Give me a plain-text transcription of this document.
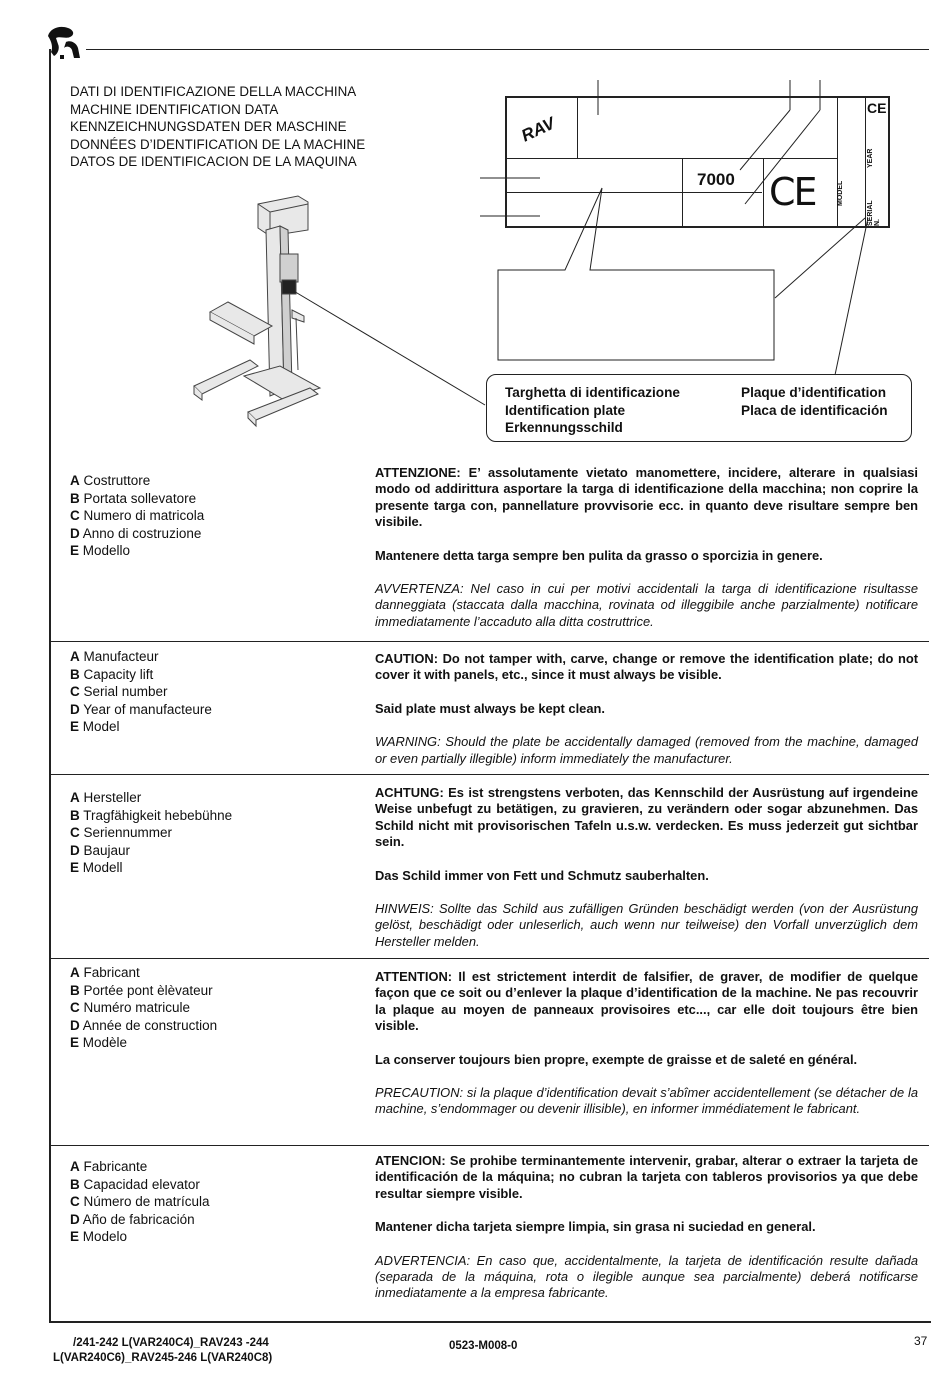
DATI DI IDENTIFICAZIONE DELLA MACCHINA
MACHINE IDENTIFICATION DATA
KENNZEICHNUNGSDATEN DER MASCHINE
DONNÉES D’IDENTIFICATION DE LA MACHINE
DATOS DE IDENTIFICACION DE LA MAQUINA
RAV
7000 CE	MODEL
SERIAL N.
YEAR
CE
Targhetta di identificazione
Identification plate
Erkennungsschild
Plaque d’identification
Placa de identificación
A Costruttore
B Portata sollevatore
C Numero di matricola
D Anno di costruzione
E Modello

ATTENZIONE: E’ assolutamente vietato manomettere, incidere, alterare in qualsiasi modo od addirittura asportare la targa di identificazione della macchina; non coprire la presente targa con, pannellature provvisorie ecc. in quanto deve risultare sempre ben visibile.

Mantenere detta targa sempre ben pulita da grasso o sporcizia in genere.

AVVERTENZA: Nel caso in cui per motivi accidentali la targa di identificazione risultasse danneggiata (staccata dalla macchina, rovinata od illeggibile anche parzialmente) notificare immediatamente l’accaduto alla ditta costruttrice.

A Manufacteur
B Capacity lift
C Serial number
D Year of manufacteure
E Model

CAUTION: Do not tamper with, carve, change or remove the identification plate; do not cover it with panels, etc., since it must always be visible.

Said plate must always be kept clean.

WARNING: Should the plate be accidentally damaged (removed from the machine, damaged or even partially illegible) inform immediately the manufacturer.

A Hersteller
B Tragfähigkeit hebebühne
C Seriennummer
D Baujaur
E Modell

ACHTUNG: Es ist strengstens verboten, das Kennschild der Ausrüstung auf irgendeine Weise unbefugt zu betätigen, zu gravieren, zu verändern oder sogar abzunehmen. Das Schild nicht mit provisorischen Tafeln u.s.w. verdecken. Es muss jederzeit gut sichtbar sein.

Das Schild immer von Fett und Schmutz sauberhalten.

HINWEIS: Sollte das Schild aus zufälligen Gründen beschädigt werden (von der Ausrüstung gelöst, beschädigt oder unleserlich, auch wenn nur teilweise) den Vorfall unverzüglich dem Hersteller melden.

A Fabricant
B Portée pont èlèvateur
C Numéro matricule
D Année de construction
E Modèle

ATTENTION: Il est strictement interdit de falsifier, de graver, de modifier de quelque façon que ce soit ou d’enlever la plaque d’identification de la machine. Ne pas recouvrir la plaque au moyen de panneaux provisoires etc..., car elle doit toujours être bien visible.

La conserver toujours bien propre, exempte de graisse et de saleté en général.

PRECAUTION: si la plaque d’identification devait s’abîmer accidentellement (se détacher de la machine, s’endommager ou devenir illisible), en informer immédiatement le fabricant.

A Fabricante
B Capacidad elevator
C Número de matrícula
D Año de fabricación
E Modelo

ATENCION: Se prohibe terminantemente intervenir, grabar, alterar o extraer la tarjeta de identificación de la máquina; no cubran la tarjeta con tableros provisorios ya que debe resultar siempre visible.

Mantener dicha tarjeta siempre limpia, sin grasa ni suciedad en general.

ADVERTENCIA: En caso que, accidentalmente, la tarjeta de identificación resulte dañada (separada de la máquina, rota o ilegible aunque sea parcialmente) deberá notificarse inmediatamente a la empresa fabricante.

/241-242 L(VAR240C4)_RAV243 -244
L(VAR240C6)_RAV245-246 L(VAR240C8)
0523-M008-0	37
